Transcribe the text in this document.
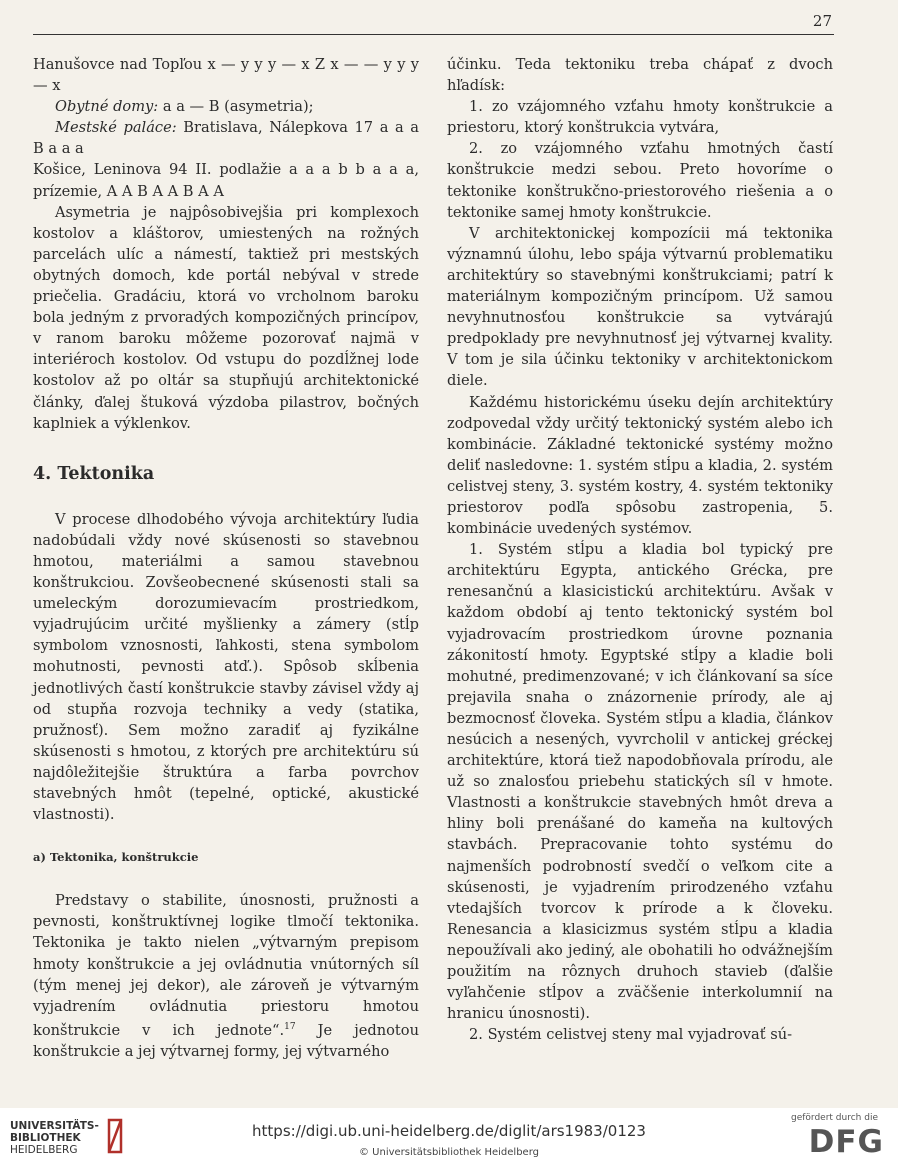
27

Hanušovce nad Topľou x — y y y — x Z x — — y y y — x

Obytné domy: a a — B (asymetria);

Mestské paláce: Bratislava, Nálepkova 17 a a a B a a a

Košice, Leninova 94 II. podlažie a a a b b a a a, prízemie, A A B A A B A A

Asymetria je najpôsobivejšia pri komplexoch kostolov a kláštorov, umiestených na rožných parcelách ulíc a námestí, taktiež pri mestských obytných domoch, kde portál nebýval v strede priečelia. Gradáciu, ktorá vo vrcholnom baroku bola jedným z prvoradých kompozičných princípov, v ranom baroku môžeme pozorovať najmä v interiéroch kostolov. Od vstupu do pozdĺžnej lode kostolov až po oltár sa stupňujú architektonické články, ďalej štuková výzdoba pilastrov, bočných kaplniek a výklenkov.

4. Tektonika

V procese dlhodobého vývoja architektúry ľudia nadobúdali vždy nové skúsenosti so stavebnou hmotou, materiálmi a samou stavebnou konštrukciou. Zovšeobecnené skúsenosti stali sa umeleckým dorozumievacím prostriedkom, vyjadrujúcim určité myšlienky a zámery (stĺp symbolom vznosnosti, ľahkosti, stena symbolom mohutnosti, pevnosti atď.). Spôsob skĺbenia jednotlivých častí konštrukcie stavby závisel vždy aj od stupňa rozvoja techniky a vedy (statika, pružnosť). Sem možno zaradiť aj fyzikálne skúsenosti s hmotou, z ktorých pre architektúru sú najdôležitejšie štruktúra a farba povrchov stavebných hmôt (tepelné, optické, akustické vlastnosti).

a) Tektonika, konštrukcie

Predstavy o stabilite, únosnosti, pružnosti a pevnosti, konštruktívnej logike tlmočí tektonika. Tektonika je takto nielen „výtvarným prepisom hmoty konštrukcie a jej ovládnutia vnútorných síl (tým menej jej dekor), ale zároveň je výtvarným vyjadrením ovládnutia priestoru hmotou konštrukcie v ich jednote“.$^{17}$ Je jednotou konštrukcie a jej výtvarnej formy, jej výtvarného

účinku. Teda tektoniku treba chápať z dvoch hľadísk:

1. zo vzájomného vzťahu hmoty konštrukcie a priestoru, ktorý konštrukcia vytvára,

2. zo vzájomného vzťahu hmotných častí konštrukcie medzi sebou. Preto hovoríme o tektonike konštrukčno-priestorového riešenia a o tektonike samej hmoty konštrukcie.

V architektonickej kompozícii má tektonika významnú úlohu, lebo spája výtvarnú problematiku architektúry so stavebnými konštrukciami; patrí k materiálnym kompozičným princípom. Už samou nevyhnutnosťou konštrukcie sa vytvárajú predpoklady pre nevyhnutnosť jej výtvarnej kvality. V tom je sila účinku tektoniky v architektonickom diele.

Každému historickému úseku dejín architektúry zodpovedal vždy určitý tektonický systém alebo ich kombinácie. Základné tektonické systémy možno deliť nasledovne: 1. systém stĺpu a kladia, 2. systém celistvej steny, 3. systém kostry, 4. systém tektoniky priestorov podľa spôsobu zastropenia, 5. kombinácie uvedených systémov.

1. Systém stĺpu a kladia bol typický pre architektúru Egypta, antického Grécka, pre renesančnú a klasicistickú architektúru. Avšak v každom období aj tento tektonický systém bol vyjadrovacím prostriedkom úrovne poznania zákonitostí hmoty. Egyptské stĺpy a kladie boli mohutné, predimenzované; v ich článkovaní sa síce prejavila snaha o znázornenie prírody, ale aj bezmocnosť človeka. Systém stĺpu a kladia, článkov nesúcich a nesených, vyvrcholil v antickej gréckej architektúre, ktorá tiež napodobňovala prírodu, ale už so znalosťou priebehu statických síl v hmote. Vlastnosti a konštrukcie stavebných hmôt dreva a hliny boli prenášané do kameňa na kultových stavbách. Prepracovanie tohto systému do najmenších podrobností svedčí o veľkom cite a skúsenosti, je vyjadrením prirodzeného vzťahu vtedajších tvorcov k prírode a k človeku. Renesancia a klasicizmus systém stĺpu a kladia nepoužívali ako jediný, ale obohatili ho odvážnejším použitím na rôznych druhoch stavieb (ďalšie vyľahčenie stĺpov a zväčšenie interkolumnií na hranicu únosnosti).

2. Systém celistvej steny mal vyjadrovať sú-

UNIVERSITÄTS-
BIBLIOTHEK
HEIDELBERG
https://digi.ub.uni-heidelberg.de/diglit/ars1983/0123
© Universitätsbibliothek Heidelberg
gefördert durch die
DFG
